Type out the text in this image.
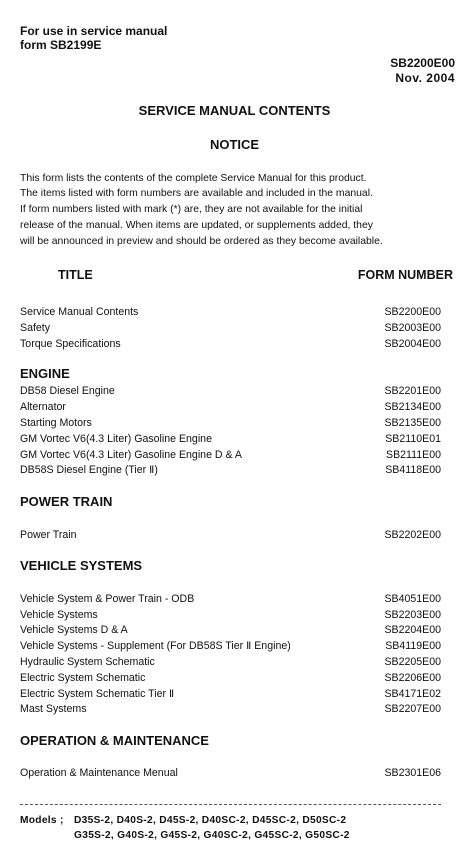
For use in service manual
form SB2199E
SB2200E00
Nov. 2004
SERVICE MANUAL CONTENTS
NOTICE
This form lists the contents of the complete Service Manual for this product.
The items listed with form numbers are available and included in the manual.
If form numbers listed with mark (*) are, they are not available for the initial
release of the manual. When items are updated, or supplements added, they
will be announced in preview and should be ordered as they become available.
TITLE	FORM NUMBER
Service Manual Contents	SB2200E00
Safety	SB2003E00
Torque Specifications	SB2004E00
ENGINE
DB58 Diesel Engine	SB2201E00
Alternator	SB2134E00
Starting Motors	SB2135E00
GM Vortec V6(4.3 Liter) Gasoline Engine	SB2110E01
GM Vortec V6(4.3 Liter) Gasoline Engine D & A	SB2111E00
DB58S Diesel Engine (Tier Ⅱ)	SB4118E00
POWER TRAIN
Power Train	SB2202E00
VEHICLE SYSTEMS
Vehicle System & Power Train - ODB	SB4051E00
Vehicle Systems	SB2203E00
Vehicle Systems D & A	SB2204E00
Vehicle Systems - Supplement (For DB58S Tier Ⅱ Engine)	SB4119E00
Hydraulic System Schematic	SB2205E00
Electric System Schematic	SB2206E00
Electric System Schematic Tier Ⅱ	SB4171E02
Mast Systems	SB2207E00
OPERATION & MAINTENANCE
Operation & Maintenance Menual	SB2301E06
Models ; D35S-2, D40S-2, D45S-2, D40SC-2, D45SC-2, D50SC-2
G35S-2, G40S-2, G45S-2, G40SC-2, G45SC-2, G50SC-2
